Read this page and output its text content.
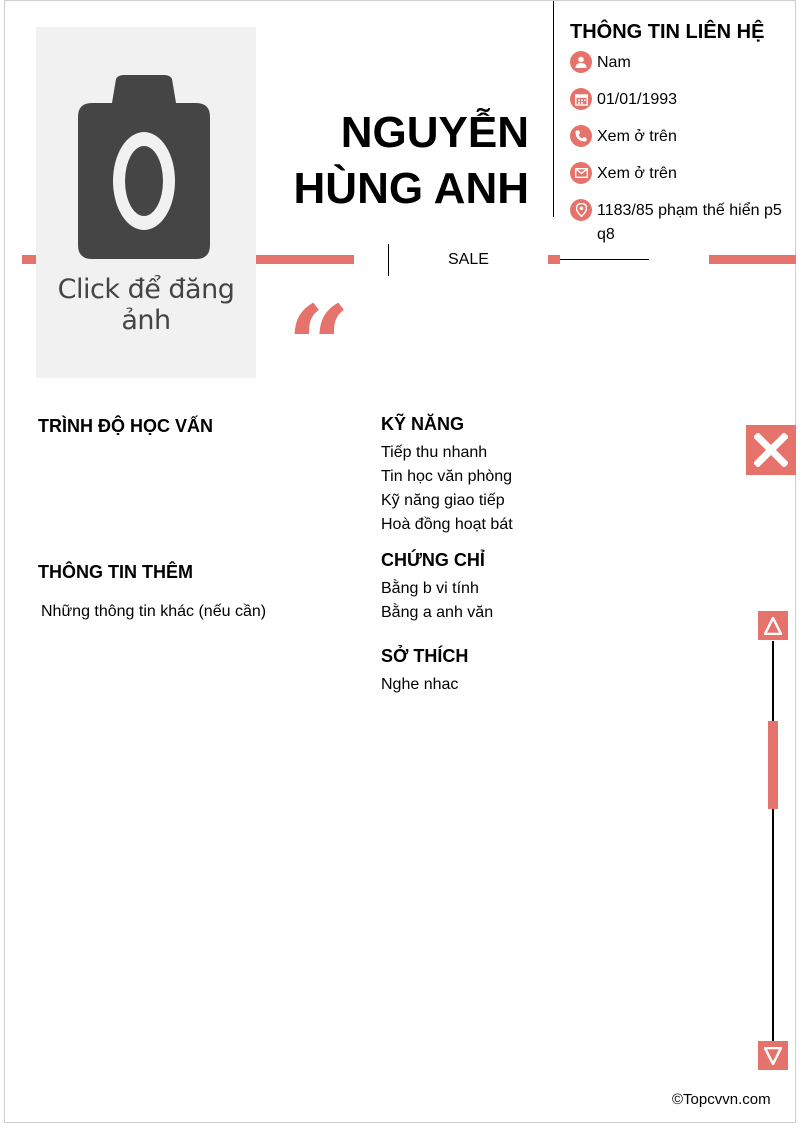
Click để đăng ảnh
NGUYỄN
HÙNG ANH
THÔNG TIN LIÊN HỆ
Nam
01/01/1993
Xem ở trên
Xem ở trên
1183/85 phạm thế hiển p5 q8
SALE
“
TRÌNH ĐỘ HỌC VẤN
THÔNG TIN THÊM
Những thông tin khác (nếu cần)
KỸ NĂNG
Tiếp thu nhanh
Tin học văn phòng
Kỹ năng giao tiếp
Hoà đồng hoạt bát
CHỨNG CHỈ
Bằng b vi tính
Bằng a anh văn
SỞ THÍCH
Nghe nhac
©Topcvvn.com
